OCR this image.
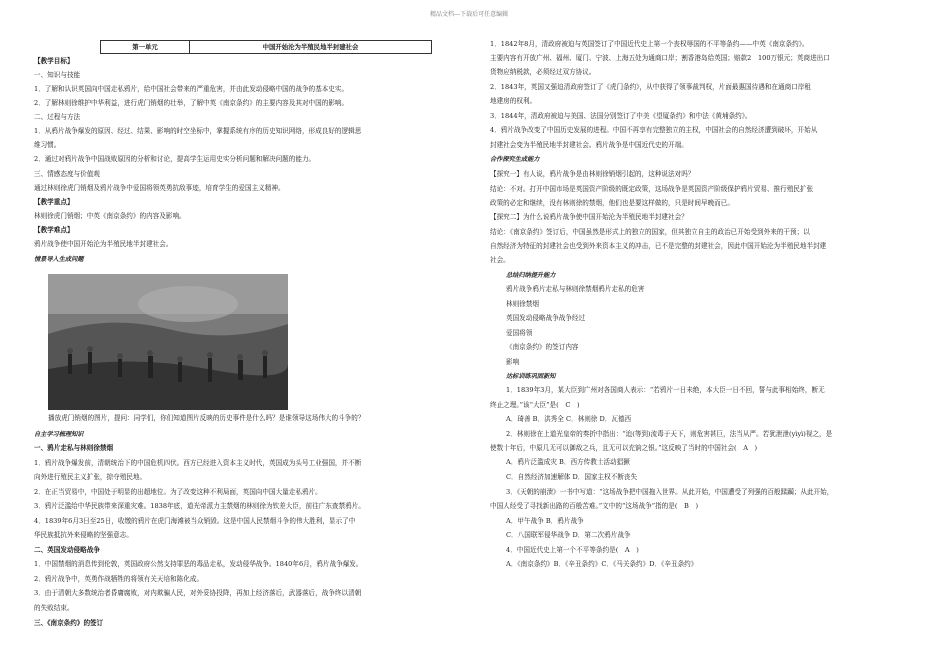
精品文档---下载后可任意编辑
第一单元	中国开始沦为半殖民地半封建社会
【教学目标】
一、知识与技能
1．了解和认识英国向中国走私鸦片，给中国社会带来的严重危害，并由此发动侵略中国的战争的基本史实。
2．了解林则徐维护中华利益，进行虎门销烟的壮举，了解中英《南京条约》的主要内容及其对中国的影响。
二、过程与方法
1．从鸦片战争爆发的原因、经过、结果、影响的时空坐标中，掌握系统有序的历史知识网络，形成良好的逻辑思
维习惯。
2．通过对鸦片战争中国战败原因的分析和讨论，提高学生运用史实分析问题和解决问题的能力。
三、情感态度与价值观
通过林则徐虎门销烟及鸦片战争中爱国将领英勇抗敌事迹，培育学生的爱国主义精神。
【教学重点】
林则徐虎门销烟；中英《南京条约》的内容及影响。
【教学难点】
鸦片战争使中国开始沦为半殖民地半封建社会。
情景导入生成问题
播放虎门销烟的图片，提问：同学们，你们知道图片反映的历史事件是什么吗？是谁领导这场伟大的斗争的？
自主学习梳理知识
一、鸦片走私与林则徐禁烟
1．鸦片战争爆发前，清朝统治下的中国危机四伏。西方已经进入资本主义时代，英国成为头号工业强国，并不断
向外进行殖民主义扩张，掠夺殖民地。
2．在正当贸易中，中国处于明显的出超地位。为了改变这种不利局面，英国向中国大量走私鸦片。
3．鸦片泛滥给中华民族带来深重灾难。1838年底，道光帝派力主禁烟的林则徐为钦差大臣，前往广东查禁鸦片。
4．1839年6月3日至25日，收缴的鸦片在虎门海滩被当众销毁。这是中国人民禁烟斗争的伟大胜利，显示了中
华民族抵抗外来侵略的坚强意志。
二、英国发动侵略战争
1．中国禁烟的消息传到伦敦，英国政府公然支持罪恶的毒品走私，发动侵华战争。1840年6月，鸦片战争爆发。
2．鸦片战争中，英勇作战牺牲的将领有关天培和陈化成。
3．由于清朝大多数统治者昏庸腐败，对内欺骗人民，对外妥协投降，再加上经济落后，武器落后，战争终以清朝
的失败结束。
三、《南京条约》的签订
1．1842年8月，清政府被迫与英国签订了中国近代史上第一个丧权辱国的不平等条约——中英《南京条约》。
主要内容有开放广州、福州、厦门、宁波、上海五处为通商口岸；割香港岛给英国；赔款2　100万银元；英商进出口
货物应纳税款，必须经过双方协议。
2．1843年，英国又强迫清政府签订了《虎门条约》，从中获得了领事裁判权，片面最惠国待遇和在通商口岸租
地建房的权利。
3．1844年，清政府被迫与美国、法国分别签订了中美《望厦条约》和中法《黄埔条约》。
4．鸦片战争改变了中国历史发展的进程。中国不再享有完整独立的主权，中国社会的自然经济遭到破坏，开始从
封建社会变为半殖民地半封建社会。鸦片战争是中国近代史的开端。
合作探究生成能力
【探究一】有人说，鸦片战争是由林则徐销烟引起的，这种说法对吗？
结论：不对。打开中国市场是英国资产阶级的既定政策，这场战争是英国资产阶级保护鸦片贸易、推行殖民扩张
政策的必定和继续，没有林则徐的禁烟，他们也是要这样做的，只是时间早晚而已。
【探究二】为什么说鸦片战争使中国开始沦为半殖民地半封建社会？
结论：《南京条约》签订后，中国虽然是形式上的独立的国家，但其独立自主的政治已开始受到外来的干预；以
自然经济为特征的封建社会也受到外来资本主义的冲击，已不是完整的封建社会，因此中国开始沦为半殖民地半封建
社会。
总结归纳提升能力
鸦片战争鸦片走私与林则徐禁烟鸦片走私的危害
林则徐禁烟
英国发动侵略战争战争经过
爱国将领
《南京条约》的签订内容
影响
达标训练巩固新知
1．1839年3月，某大臣到广州对各国商人表示：“若鸦片一日未绝，本大臣一日不回，誓与此事相始终，断无
终止之理。”该“大臣”是(　C　)
A．琦善 B．洪秀全 C．林则徐 D．瓦德西
2．林则徐在上道光皇帝的奏折中指出：“迨(等到)流毒于天下，则危害甚巨，法当从严。若犹泄泄(yìyì)视之，是
使数十年后，中原几无可以御敌之兵，且无可以充饷之银。”这反映了当时的中国社会(　A　)
A．鸦片泛滥成灾 B．西方传教士活动猖獗
C．自然经济加速解体 D．国家主权不断丧失
3．《天朝的崩溃》一书中写道：“这场战争把中国拖入世界。从此开始，中国遭受了列强的百般蹂躏；从此开始，
中国人经受了寻找新出路的百般苦难。”文中的“这场战争”指的是(　B　)
A．甲午战争 B．鸦片战争
C．八国联军侵华战争 D．第二次鸦片战争
4．中国近代史上第一个不平等条约是(　A　)
A．《南京条约》B．《辛丑条约》C．《马关条约》D．《辛丑条约》
